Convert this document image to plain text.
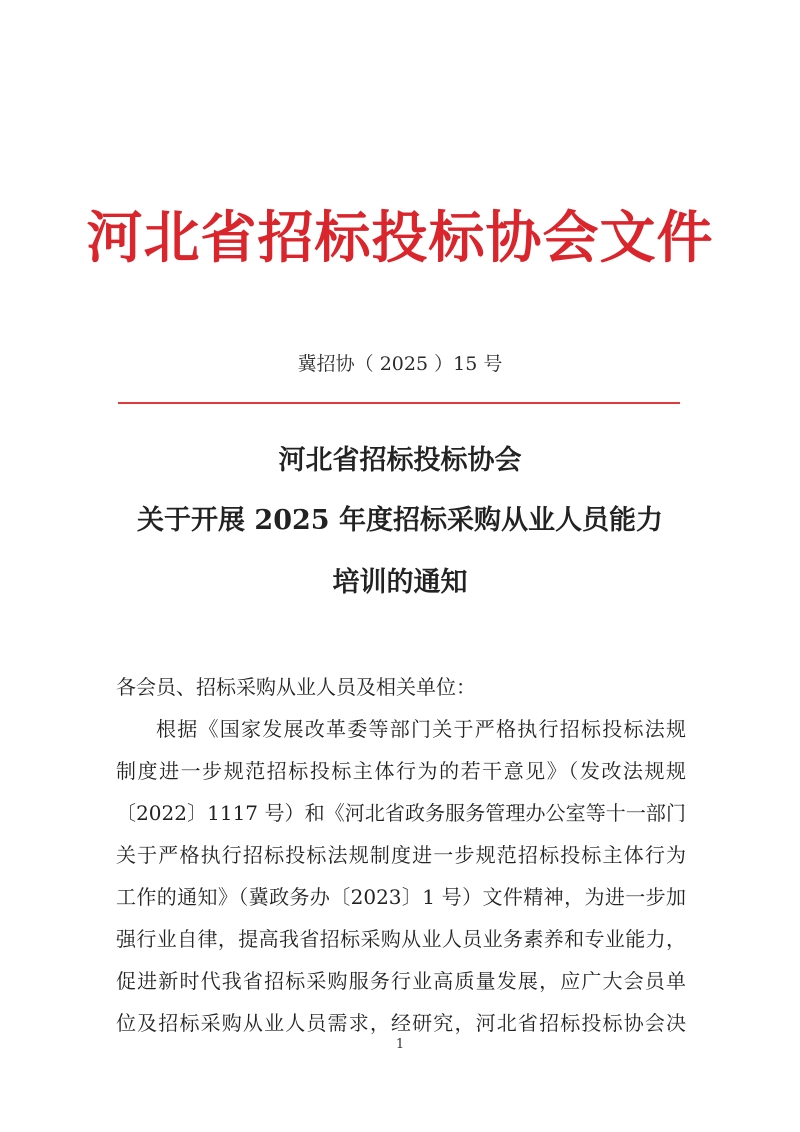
河北省招标投标协会文件
冀招协（ 2025 ）15 号
河北省招标投标协会
关于开展 2025 年度招标采购从业人员能力
培训的通知
各会员、招标采购从业人员及相关单位：
根据《国家发展改革委等部门关于严格执行招标投标法规
制度进一步规范招标投标主体行为的若干意见》（发改法规规
〔2022〕1117 号）和《河北省政务服务管理办公室等十一部门
关于严格执行招标投标法规制度进一步规范招标投标主体行为
工作的通知》（冀政务办〔2023〕1 号）文件精神，为进一步加
强行业自律，提高我省招标采购从业人员业务素养和专业能力，
促进新时代我省招标采购服务行业高质量发展，应广大会员单
位及招标采购从业人员需求，经研究，河北省招标投标协会决
1
